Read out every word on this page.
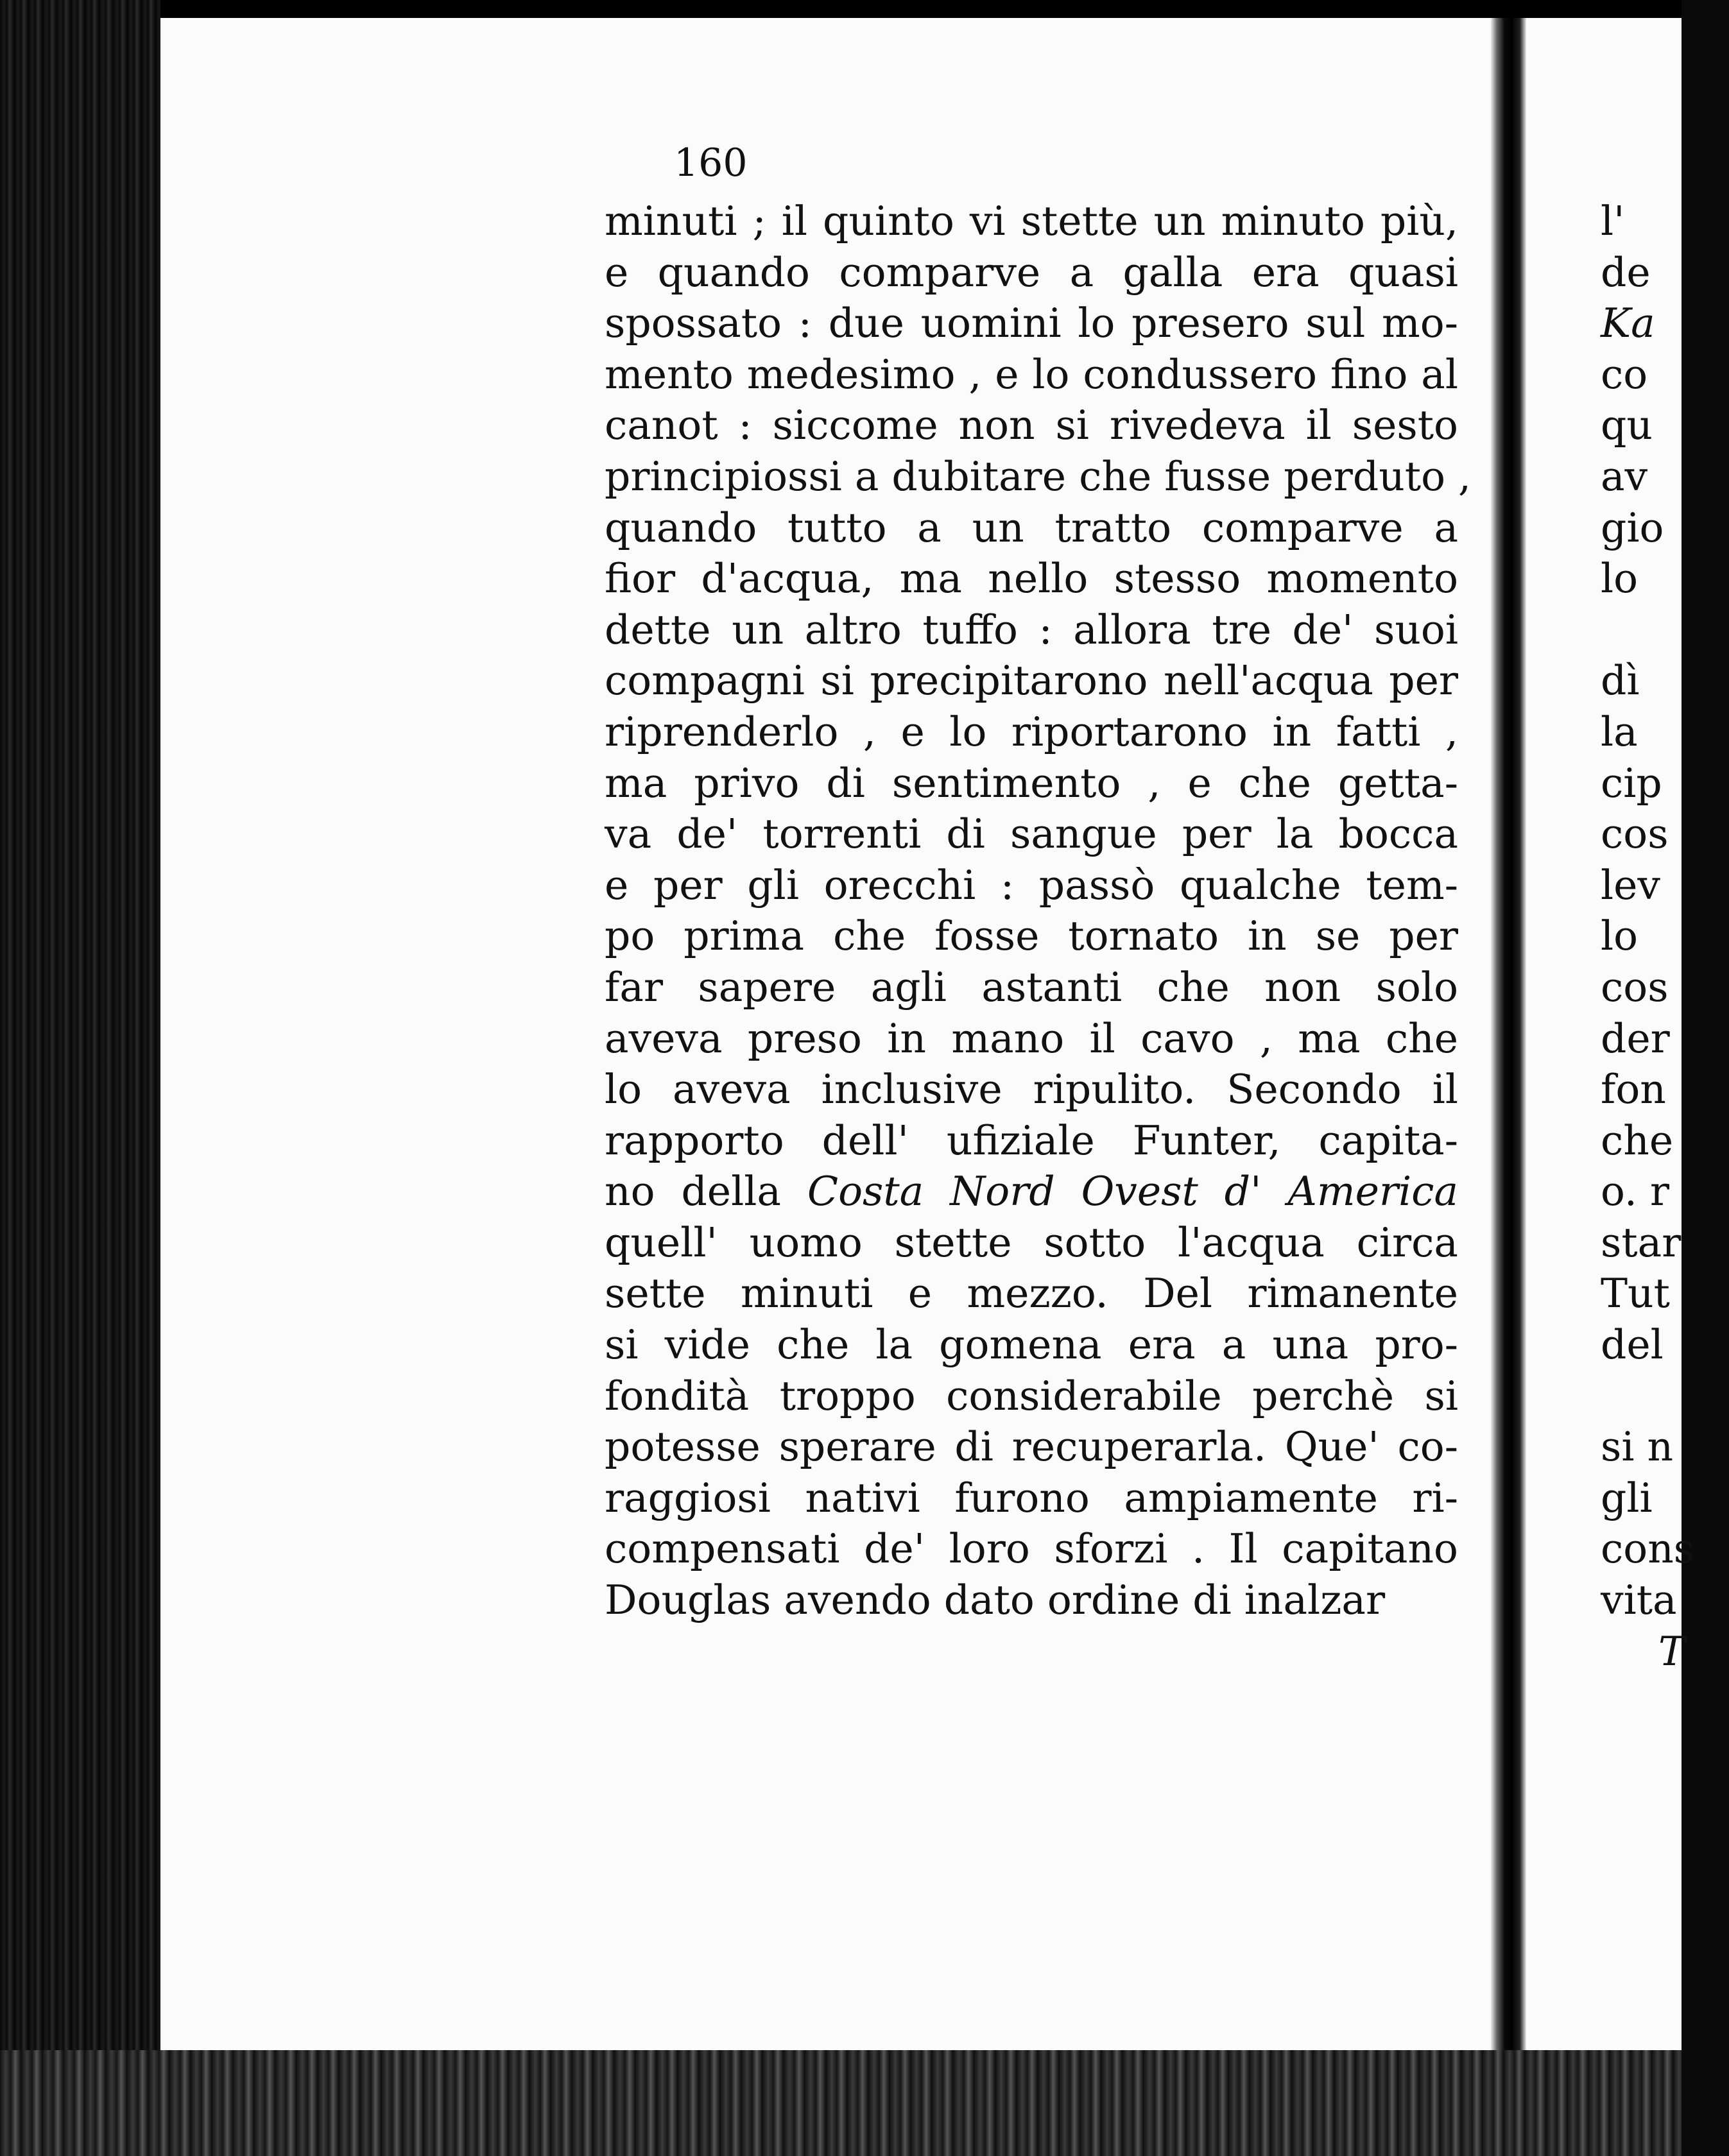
160
minuti ; il quinto vi stette un minuto più,
e quando comparve a galla era quasi
spossato : due uomini lo presero sul mo-
mento medesimo , e lo condussero fino al
canot : siccome non si rivedeva il sesto
principiossi a dubitare che fusse perduto ,
quando tutto a un tratto comparve a
fior d'acqua, ma nello stesso momento
dette un altro tuffo : allora tre de' suoi
compagni si precipitarono nell'acqua per
riprenderlo , e lo riportarono in fatti ,
ma privo di sentimento , e che getta-
va de' torrenti di sangue per la bocca
e per gli orecchi : passò qualche tem-
po prima che fosse tornato in se per
far sapere agli astanti che non solo
aveva preso in mano il cavo , ma che
lo aveva inclusive ripulito. Secondo il
rapporto dell' ufiziale Funter, capita-
no della Costa Nord Ovest d' America
quell' uomo stette sotto l'acqua circa
sette minuti e mezzo. Del rimanente
si vide che la gomena era a una pro-
fondità troppo considerabile perchè si
potesse sperare di recuperarla. Que' co-
raggiosi nativi furono ampiamente ri-
compensati de' loro sforzi . Il capitano
Douglas avendo dato ordine di inalzar
l'
de
Ka
co
qu
av
gio
lo
dì
la
cip
cos
lev
lo
cos
der
fon
che
o. r
star
Tut
del
si n
gli
cons
vita
T
